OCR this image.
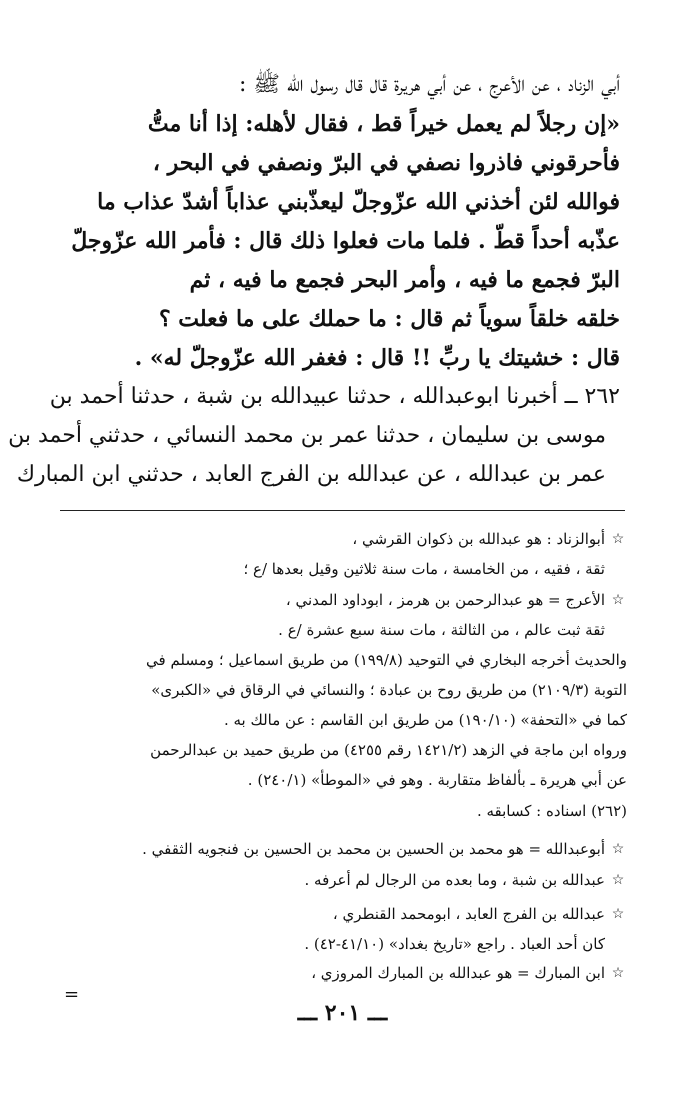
أبي الزناد ، عن الأعرج ، عن أبي هريرة قال قال رسول الله ﷺ :
«إن رجلاً لم يعمل خيراً قط ، فقال لأهله: إذا أنا متُّ
فأحرقوني فاذروا نصفي في البرّ ونصفي في البحر ،
فوالله لئن أخذني الله عزّوجلّ ليعذّبني عذاباً أشدّ عذاب ما
عذّبه أحداً قطّ . فلما مات فعلوا ذلك قال : فأمر الله عزّوجلّ
البرّ فجمع ما فيه ، وأمر البحر فجمع ما فيه ، ثم
خلقه خلقاً سوياً ثم قال : ما حملك على ما فعلت ؟
قال : خشيتك يا ربِّ !! قال : فغفر الله عزّوجلّ له» .
٢٦٢ ــ أخبرنا ابوعبدالله ، حدثنا عبيدالله بن شبة ، حدثنا أحمد بن
موسى بن سليمان ، حدثنا عمر بن محمد النسائي ، حدثني أحمد بن
عمر بن عبدالله ، عن عبدالله بن الفرج العابد ، حدثني ابن المبارك
☆
أبوالزناد : هو عبدالله بن ذكوان القرشي ،
ثقة ، فقيه ، من الخامسة ، مات سنة ثلاثين وقيل بعدها /ع ؛
☆
الأعرج = هو عبدالرحمن بن هرمز ، ابوداود المدني ،
ثقة ثبت عالم ، من الثالثة ، مات سنة سبع عشرة /ع .
والحديث أخرجه البخاري في التوحيد (١٩٩/٨) من طريق اسماعيل ؛ ومسلم في
التوبة (٢١٠٩/٣) من طريق روح بن عبادة ؛ والنسائي في الرقاق في «الكبرى»
كما في «التحفة» (١٩٠/١٠) من طريق ابن القاسم : عن مالك به .
ورواه ابن ماجة في الزهد (١٤٢١/٢ رقم ٤٢٥٥) من طريق حميد بن عبدالرحمن
عن أبي هريرة ـ بألفاظ متقاربة . وهو في «الموطأ» (٢٤٠/١) .
(٢٦٢) اسناده : كسابقه .
☆
أبوعبدالله = هو محمد بن الحسين بن محمد بن الحسين بن فنجويه الثقفي .
☆
عبدالله بن شبة ، وما بعده من الرجال لم أعرفه .
☆
عبدالله بن الفرج العابد ، ابومحمد القنطري ،
كان أحد العباد . راجع «تاريخ بغداد» (٤١/١٠-٤٢) .
☆
ابن المبارك = هو عبدالله بن المبارك المروزي ،
=
ـــ ٢٠١ ـــ
